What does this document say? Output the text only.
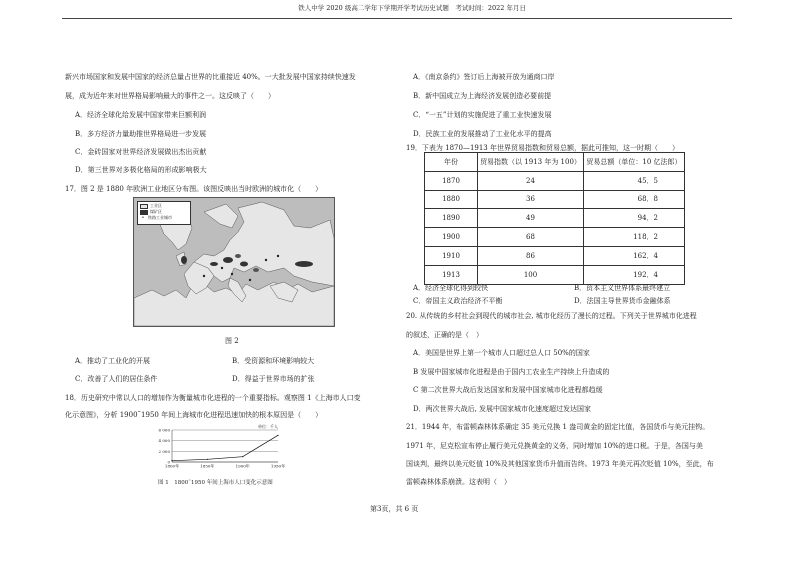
铁人中学 2020 级高二学年下学期开学考试历史试题　考试时间：2022 年月日
新兴市场国家和发展中国家的经济总量占世界的比重接近 40%。一大批发展中国家持续快速发
展，成为近年来对世界格局影响最大的事件之一。这反映了（　　）
A．经济全球化给发展中国家带来巨额利润
B．多方经济力量助推世界格局进一步发展
C．金砖国家对世界经济发展做出杰出贡献
D．第三世界对多极化格局的形成影响极大
17．图 2 是 1880 年欧洲工业地区分布图。该图反映出当时欧洲的城市化（　　）
工业区
煤矿区
• 铁路工业城市
图 2
A．推动了工业化的开展	B．受资源和环境影响较大
C．改善了人们的居住条件	D．得益于世界市场的扩张
18．历史研究中常以人口的增加作为衡量城市化进程的一个重要指标。观察图 1《上海市人口变
化示意图》，分析 1900˜1950 年间上海城市化进程迅速加快的根本原因是（　　）
6 000
4 000
2 000
0
1800年	1850年	1900年	1950年
单位：千人
图 1　1800˜1950 年间上海市人口变化示意图
A．《南京条约》签订后上海被开放为通商口岸
B．新中国成立为上海经济发展创造必要前提
C．“一五”计划的实施促进了重工业快速发展
D．民族工业的发展推动了工业化水平的提高
19．下表为 1870—1913 年世界贸易指数和贸易总额，据此可推知，这一时期（　　）
年份	贸易指数（以 1913 年为 100）	贸易总额（单位：10 亿法郎）
1870	24	45．5
1880	36	68．8
1890	49	94．2
1900	68	118．2
1910	86	162．4
1913	100	192．4
A．经济全球化得到较快	B．资本主义世界体系最终建立
C．帝国主义政治经济不平衡	D．法国主导世界货币金融体系
20. 从传统的乡村社会到现代的城市社会, 城市化经历了漫长的过程。下列关于世界城市化进程
的叙述，正确的是（　）
A．美国是世界上第一个城市人口超过总人口 50%的国家
B 发展中国家城市化进程是由于国内工农业生产持续上升造成的
C 第二次世界大战后发达国家和发展中国家城市化进程都趋缓
D．两次世界大战后, 发展中国家城市化速度超过发达国家
21．1944 年，布雷顿森林体系确定 35 美元兑换 1 盎司黄金的固定比值，各国货币与美元挂钩。
1971 年，尼克松宣布停止履行美元兑换黄金的义务，同时增加 10%的进口税。于是，各国与美
国谈判，最终以美元贬值 10%及其他国家货币升值而告终。1973 年美元再次贬值 10%，至此，布
雷顿森林体系崩溃。这表明（　）
第3页，共 6 页
